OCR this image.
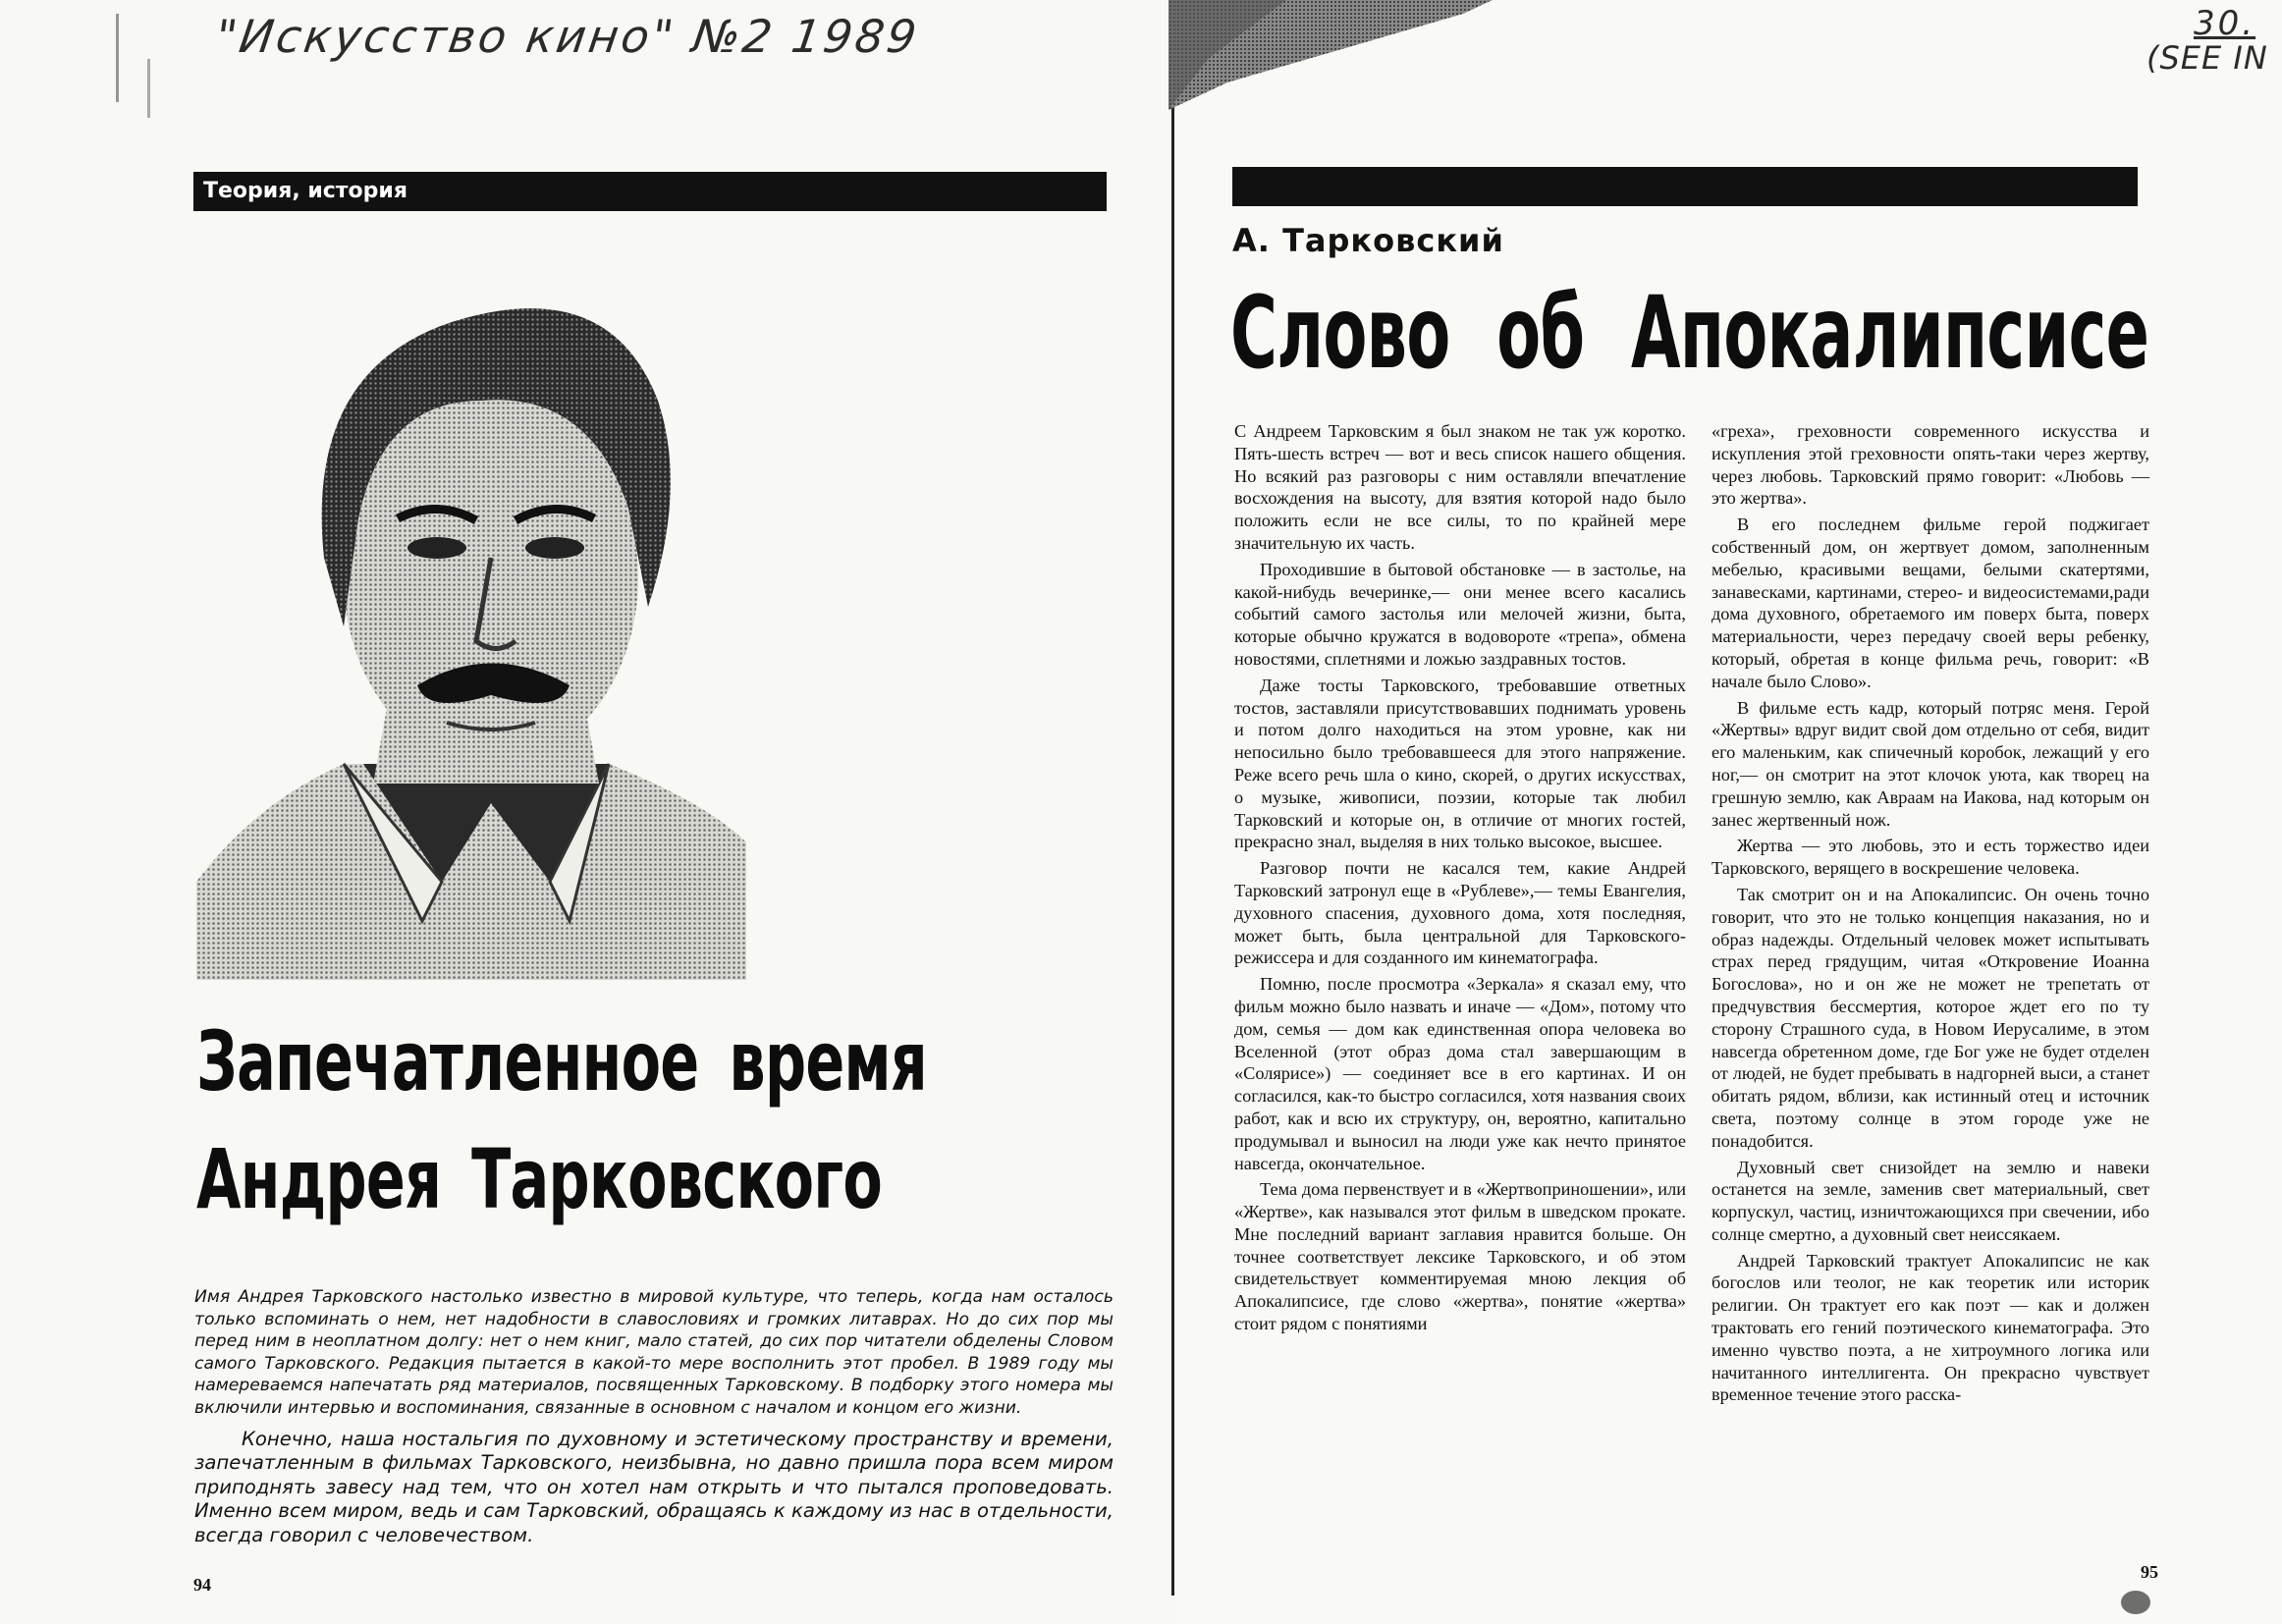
"Искусство кино" №2 1989	30.
(SEE IN
Теория, история
Запечатленное время
Андрея Тарковского

Имя Андрея Тарковского настолько известно в мировой культуре, что теперь, когда нам осталось только вспоминать о нем, нет надобности в славословиях и громких литаврах. Но до сих пор мы перед ним в неоплатном долгу: нет о нем книг, мало статей, до сих пор читатели обделены Словом самого Тарковского. Редакция пытается в какой-то мере восполнить этот пробел. В 1989 году мы намереваемся напечатать ряд материалов, посвященных Тарковскому. В подборку этого номера мы включили интервью и воспоминания, связанные в основном с началом и концом его жизни.

Конечно, наша ностальгия по духовному и эстетическому пространству и времени, запечатленным в фильмах Тарковского, неизбывна, но давно пришла пора всем миром приподнять завесу над тем, что он хотел нам открыть и что пытался проповедовать. Именно всем миром, ведь и сам Тарковский, обращаясь к каждому из нас в отдельности, всегда говорил с человечеством.

94
А. Тарковский
Слово об Апокалипсисе

С Андреем Тарковским я был знаком не так уж коротко. Пять-шесть встреч — вот и весь список нашего общения. Но всякий раз разговоры с ним оставляли впечатление восхождения на высоту, для взятия которой надо было положить если не все силы, то по крайней мере значительную их часть.

Проходившие в бытовой обстановке — в застолье, на какой-нибудь вечеринке,— они менее всего касались событий самого застолья или мелочей жизни, быта, которые обычно кружатся в водовороте «трепа», обмена новостями, сплетнями и ложью заздравных тостов.

Даже тосты Тарковского, требовавшие ответных тостов, заставляли присутствовавших поднимать уровень и потом долго находиться на этом уровне, как ни непосильно было требовавшееся для этого напряжение. Реже всего речь шла о кино, скорей, о других искусствах, о музыке, живописи, поэзии, которые так любил Тарковский и которые он, в отличие от многих гостей, прекрасно знал, выделяя в них только высокое, высшее.

Разговор почти не касался тем, какие Андрей Тарковский затронул еще в «Рублеве»,— темы Евангелия, духовного спасения, духовного дома, хотя последняя, может быть, была центральной для Тарковского-режиссера и для созданного им кинематографа.

Помню, после просмотра «Зеркала» я сказал ему, что фильм можно было назвать и иначе — «Дом», потому что дом, семья — дом как единственная опора человека во Вселенной (этот образ дома стал завершающим в «Солярисе») — соединяет все в его картинах. И он согласился, как-то быстро согласился, хотя названия своих работ, как и всю их структуру, он, вероятно, капитально продумывал и выносил на люди уже как нечто принятое навсегда, окончательное.

Тема дома первенствует и в «Жертвоприношении», или «Жертве», как назывался этот фильм в шведском прокате. Мне последний вариант заглавия нравится больше. Он точнее соответствует лексике Тарковского, и об этом свидетельствует комментируемая мною лекция об Апокалипсисе, где слово «жертва», понятие «жертва» стоит рядом с понятиями

«греха», греховности современного искусства и искупления этой греховности опять-таки через жертву, через любовь. Тарковский прямо говорит: «Любовь — это жертва».

В его последнем фильме герой поджигает собственный дом, он жертвует домом, заполненным мебелью, красивыми вещами, белыми скатертями, занавесками, картинами, стерео- и видеосистемами,ради дома духовного, обретаемого им поверх быта, поверх материальности, через передачу своей веры ребенку, который, обретая в конце фильма речь, говорит: «В начале было Слово».

В фильме есть кадр, который потряс меня. Герой «Жертвы» вдруг видит свой дом отдельно от себя, видит его маленьким, как спичечный коробок, лежащий у его ног,— он смотрит на этот клочок уюта, как творец на грешную землю, как Авраам на Иакова, над которым он занес жертвенный нож.

Жертва — это любовь, это и есть торжество идеи Тарковского, верящего в воскрешение человека.

Так смотрит он и на Апокалипсис. Он очень точно говорит, что это не только концепция наказания, но и образ надежды. Отдельный человек может испытывать страх перед грядущим, читая «Откровение Иоанна Богослова», но и он же не может не трепетать от предчувствия бессмертия, которое ждет его по ту сторону Страшного суда, в Новом Иерусалиме, в этом навсегда обретенном доме, где Бог уже не будет отделен от людей, не будет пребывать в надгорней выси, а станет обитать рядом, вблизи, как истинный отец и источник света, поэтому солнце в этом городе уже не понадобится.

Духовный свет снизойдет на землю и навеки останется на земле, заменив свет материальный, свет корпускул, частиц, изничтожающихся при свечении, ибо солнце смертно, а духовный свет неиссякаем.

Андрей Тарковский трактует Апокалипсис не как богослов или теолог, не как теоретик или историк религии. Он трактует его как поэт — как и должен трактовать его гений поэтического кинематографа. Это именно чувство поэта, а не хитроумного логика или начитанного интеллигента. Он прекрасно чувствует временное течение этого расска-

95
